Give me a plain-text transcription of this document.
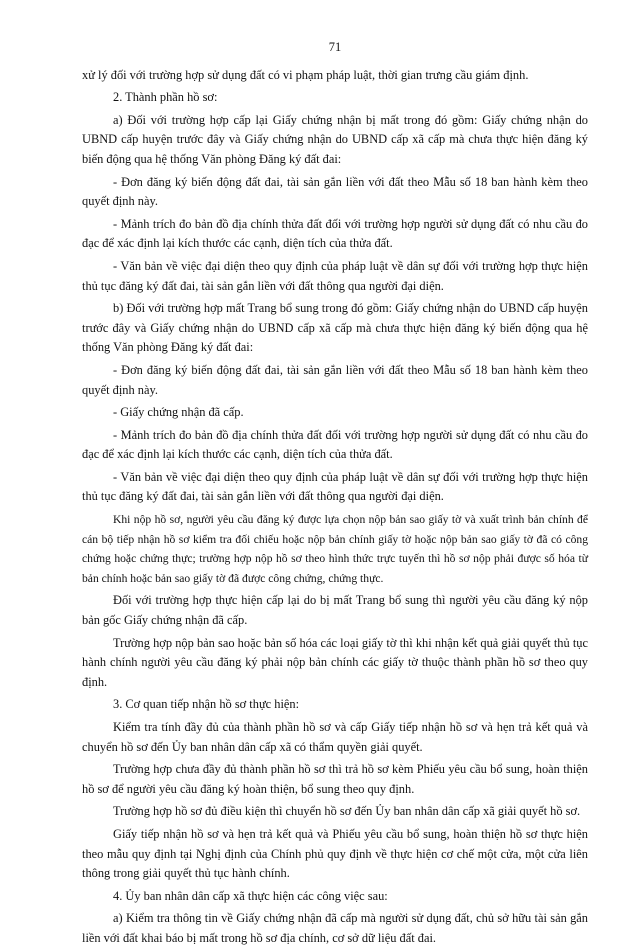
71

xử lý đối với trường hợp sử dụng đất có vi phạm pháp luật, thời gian trưng cầu giám định.

2. Thành phần hồ sơ:

a) Đối với trường hợp cấp lại Giấy chứng nhận bị mất trong đó gồm: Giấy chứng nhận do UBND cấp huyện trước đây và Giấy chứng nhận do UBND cấp xã cấp mà chưa thực hiện đăng ký biến động qua hệ thống Văn phòng Đăng ký đất đai:

- Đơn đăng ký biến động đất đai, tài sản gắn liền với đất theo Mẫu số 18 ban hành kèm theo quyết định này.

- Mảnh trích đo bản đồ địa chính thửa đất đối với trường hợp người sử dụng đất có nhu cầu đo đạc để xác định lại kích thước các cạnh, diện tích của thửa đất.

- Văn bản về việc đại diện theo quy định của pháp luật về dân sự đối với trường hợp thực hiện thủ tục đăng ký đất đai, tài sản gắn liền với đất thông qua người đại diện.

b) Đối với trường hợp mất Trang bổ sung trong đó gồm: Giấy chứng nhận do UBND cấp huyện trước đây và Giấy chứng nhận do UBND cấp xã cấp mà chưa thực hiện đăng ký biến động qua hệ thống Văn phòng Đăng ký đất đai:

- Đơn đăng ký biến động đất đai, tài sản gắn liền với đất theo Mẫu số 18 ban hành kèm theo quyết định này.

- Giấy chứng nhận đã cấp.

- Mảnh trích đo bản đồ địa chính thửa đất đối với trường hợp người sử dụng đất có nhu cầu đo đạc để xác định lại kích thước các cạnh, diện tích của thửa đất.

- Văn bản về việc đại diện theo quy định của pháp luật về dân sự đối với trường hợp thực hiện thủ tục đăng ký đất đai, tài sản gắn liền với đất thông qua người đại diện.

Khi nộp hồ sơ, người yêu cầu đăng ký được lựa chọn nộp bản sao giấy tờ và xuất trình bản chính để cán bộ tiếp nhận hồ sơ kiểm tra đối chiếu hoặc nộp bản chính giấy tờ hoặc nộp bản sao giấy tờ đã có công chứng hoặc chứng thực; trường hợp nộp hồ sơ theo hình thức trực tuyến thì hồ sơ nộp phải được số hóa từ bản chính hoặc bản sao giấy tờ đã được công chứng, chứng thực.

Đối với trường hợp thực hiện cấp lại do bị mất Trang bổ sung thì người yêu cầu đăng ký nộp bản gốc Giấy chứng nhận đã cấp.

Trường hợp nộp bản sao hoặc bản số hóa các loại giấy tờ thì khi nhận kết quả giải quyết thủ tục hành chính người yêu cầu đăng ký phải nộp bản chính các giấy tờ thuộc thành phần hồ sơ theo quy định.

3. Cơ quan tiếp nhận hồ sơ thực hiện:

Kiểm tra tính đầy đủ của thành phần hồ sơ và cấp Giấy tiếp nhận hồ sơ và hẹn trả kết quả và chuyển hồ sơ đến Ủy ban nhân dân cấp xã có thẩm quyền giải quyết.

Trường hợp chưa đầy đủ thành phần hồ sơ thì trả hồ sơ kèm Phiếu yêu cầu bổ sung, hoàn thiện hồ sơ để người yêu cầu đăng ký hoàn thiện, bổ sung theo quy định.

Trường hợp hồ sơ đủ điều kiện thì chuyển hồ sơ đến Ủy ban nhân dân cấp xã giải quyết hồ sơ.

Giấy tiếp nhận hồ sơ và hẹn trả kết quả và Phiếu yêu cầu bổ sung, hoàn thiện hồ sơ thực hiện theo mẫu quy định tại Nghị định của Chính phủ quy định về thực hiện cơ chế một cửa, một cửa liên thông trong giải quyết thủ tục hành chính.

4. Ủy ban nhân dân cấp xã thực hiện các công việc sau:

a) Kiểm tra thông tin về Giấy chứng nhận đã cấp mà người sử dụng đất, chủ sở hữu tài sản gắn liền với đất khai báo bị mất trong hồ sơ địa chính, cơ sở dữ liệu đất đai.
